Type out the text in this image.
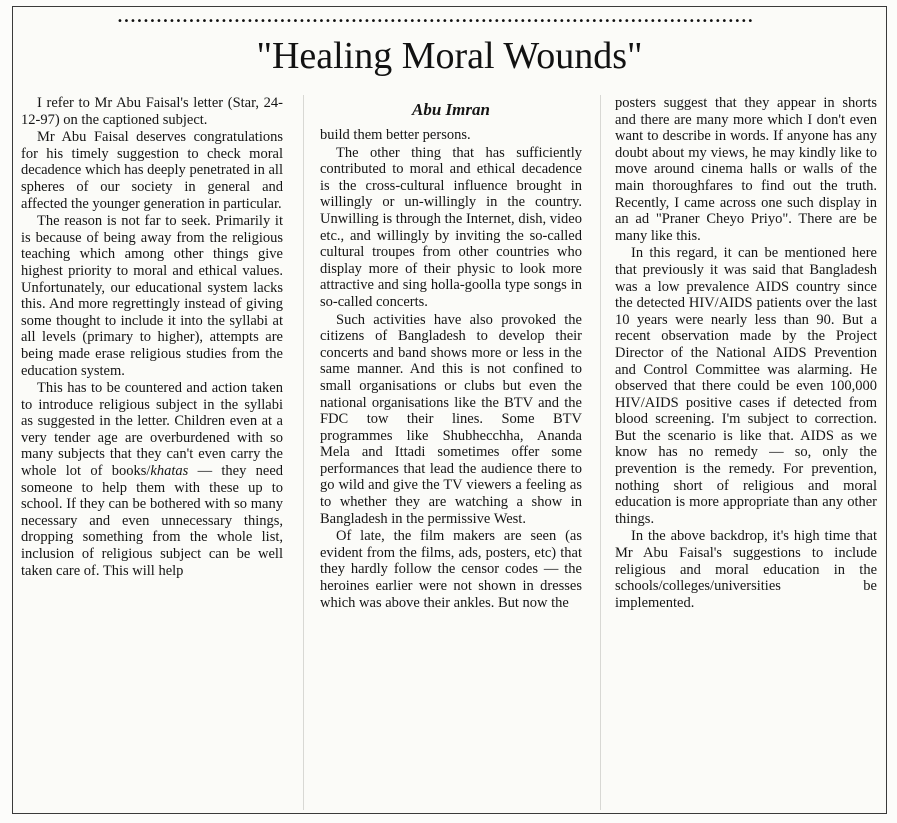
••••••••••••••••••••••••••••••••••••••••••••••••••••••••••••••••••••••••••••••••••••••••••••••••••
"Healing Moral Wounds"

I refer to Mr Abu Faisal's letter (Star, 24-12-97) on the captioned subject.

Mr Abu Faisal deserves congratulations for his timely suggestion to check moral decadence which has deeply penetrated in all spheres of our society in general and affected the younger generation in particular.

The reason is not far to seek. Primarily it is because of being away from the religious teaching which among other things give highest priority to moral and ethical values. Unfortunately, our educational system lacks this. And more regrettingly instead of giving some thought to include it into the syllabi at all levels (primary to higher), attempts are being made erase religious studies from the education system.

This has to be countered and action taken to introduce religious subject in the syllabi as suggested in the letter. Children even at a very tender age are overburdened with so many subjects that they can't even carry the whole lot of books/khatas — they need someone to help them with these up to school. If they can be bothered with so many necessary and even unnecessary things, dropping something from the whole list, inclusion of religious subject can be well taken care of. This will help

Abu Imran

build them better persons.

The other thing that has sufficiently contributed to moral and ethical decadence is the cross-cultural influence brought in willingly or un-willingly in the country. Unwilling is through the Internet, dish, video etc., and willingly by inviting the so-called cultural troupes from other countries who display more of their physic to look more attractive and sing holla-goolla type songs in so-called concerts.

Such activities have also provoked the citizens of Bangladesh to develop their concerts and band shows more or less in the same manner. And this is not confined to small organisations or clubs but even the national organisations like the BTV and the FDC tow their lines. Some BTV programmes like Shubhecchha, Ananda Mela and Ittadi sometimes offer some performances that lead the audience there to go wild and give the TV viewers a feeling as to whether they are watching a show in Bangladesh in the permissive West.

Of late, the film makers are seen (as evident from the films, ads, posters, etc) that they hardly follow the censor codes — the heroines earlier were not shown in dresses which was above their ankles. But now the

posters suggest that they appear in shorts and there are many more which I don't even want to describe in words. If anyone has any doubt about my views, he may kindly like to move around cinema halls or walls of the main thoroughfares to find out the truth. Recently, I came across one such display in an ad "Praner Cheyo Priyo". There are be many like this.

In this regard, it can be mentioned here that previously it was said that Bangladesh was a low prevalence AIDS country since the detected HIV/AIDS patients over the last 10 years were nearly less than 90. But a recent observation made by the Project Director of the National AIDS Prevention and Control Committee was alarming. He observed that there could be even 100,000 HIV/AIDS positive cases if detected from blood screening. I'm subject to correction. But the scenario is like that. AIDS as we know has no remedy — so, only the prevention is the remedy. For prevention, nothing short of religious and moral education is more appropriate than any other things.

In the above backdrop, it's high time that Mr Abu Faisal's suggestions to include religious and moral education in the schools/colleges/universities be implemented.
